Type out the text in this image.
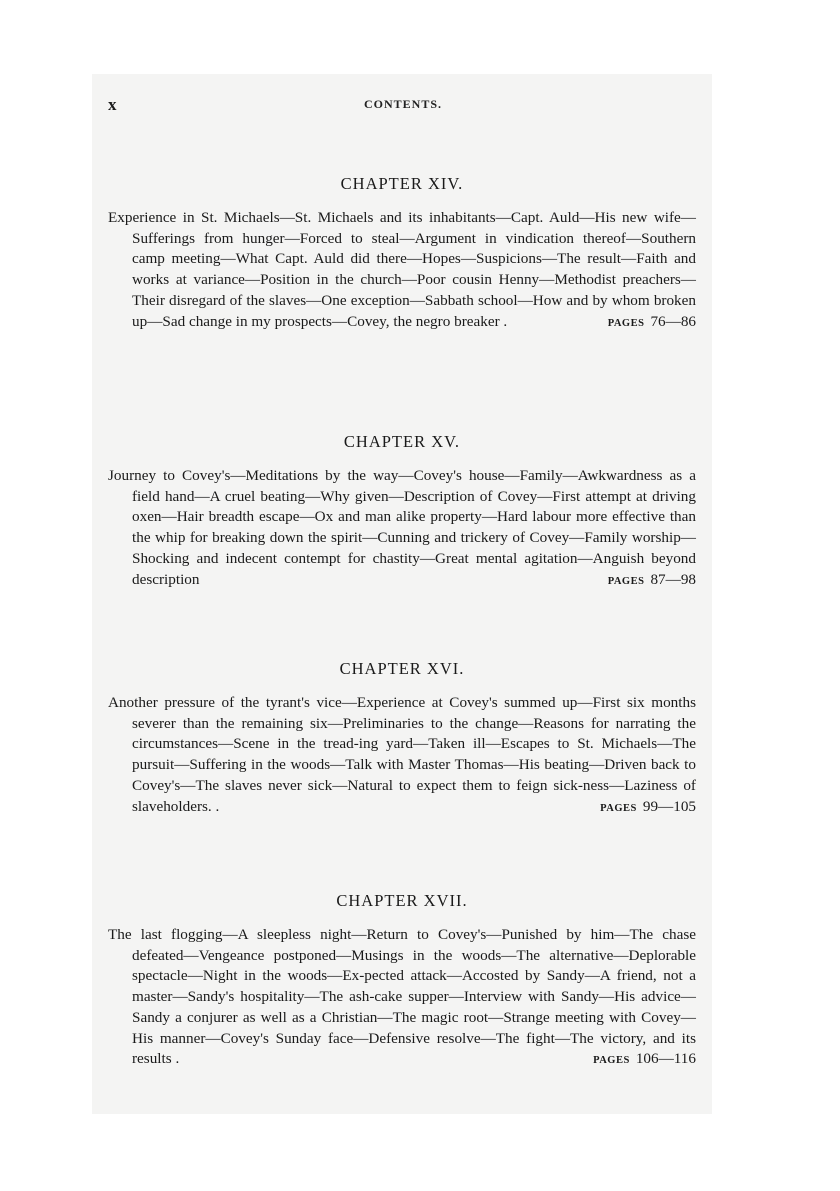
x	CONTENTS.
CHAPTER XIV.

Experience in St. Michaels—St. Michaels and its inhabitants—Capt. Auld—His new wife—Sufferings from hunger—Forced to steal—Argument in vindication thereof—Southern camp meeting—What Capt. Auld did there—Hopes—Suspicions—The result—Faith and works at variance—Position in the church—Poor cousin Henny—Methodist preachers—Their disregard of the slaves—One exception—Sabbath school—How and by whom broken up—Sad change in my prospects—Covey, the negro breaker .	PAGES 76—86

CHAPTER XV.

Journey to Covey's—Meditations by the way—Covey's house—Family—Awkwardness as a field hand—A cruel beating—Why given—Description of Covey—First attempt at driving oxen—Hair breadth escape—Ox and man alike property—Hard labour more effective than the whip for breaking down the spirit—Cunning and trickery of Covey—Family worship—Shocking and indecent contempt for chastity—Great mental agitation—Anguish beyond description	PAGES 87—98

CHAPTER XVI.

Another pressure of the tyrant's vice—Experience at Covey's summed up—First six months severer than the remaining six—Preliminaries to the change—Reasons for narrating the circumstances—Scene in the tread-ing yard—Taken ill—Escapes to St. Michaels—The pursuit—Suffering in the woods—Talk with Master Thomas—His beating—Driven back to Covey's—The slaves never sick—Natural to expect them to feign sick-ness—Laziness of slaveholders. .	PAGES 99—105

CHAPTER XVII.

The last flogging—A sleepless night—Return to Covey's—Punished by him—The chase defeated—Vengeance postponed—Musings in the woods—The alternative—Deplorable spectacle—Night in the woods—Ex-pected attack—Accosted by Sandy—A friend, not a master—Sandy's hospitality—The ash-cake supper—Interview with Sandy—His advice—Sandy a conjurer as well as a Christian—The magic root—Strange meeting with Covey—His manner—Covey's Sunday face—Defensive resolve—The fight—The victory, and its results .	PAGES 106—116
